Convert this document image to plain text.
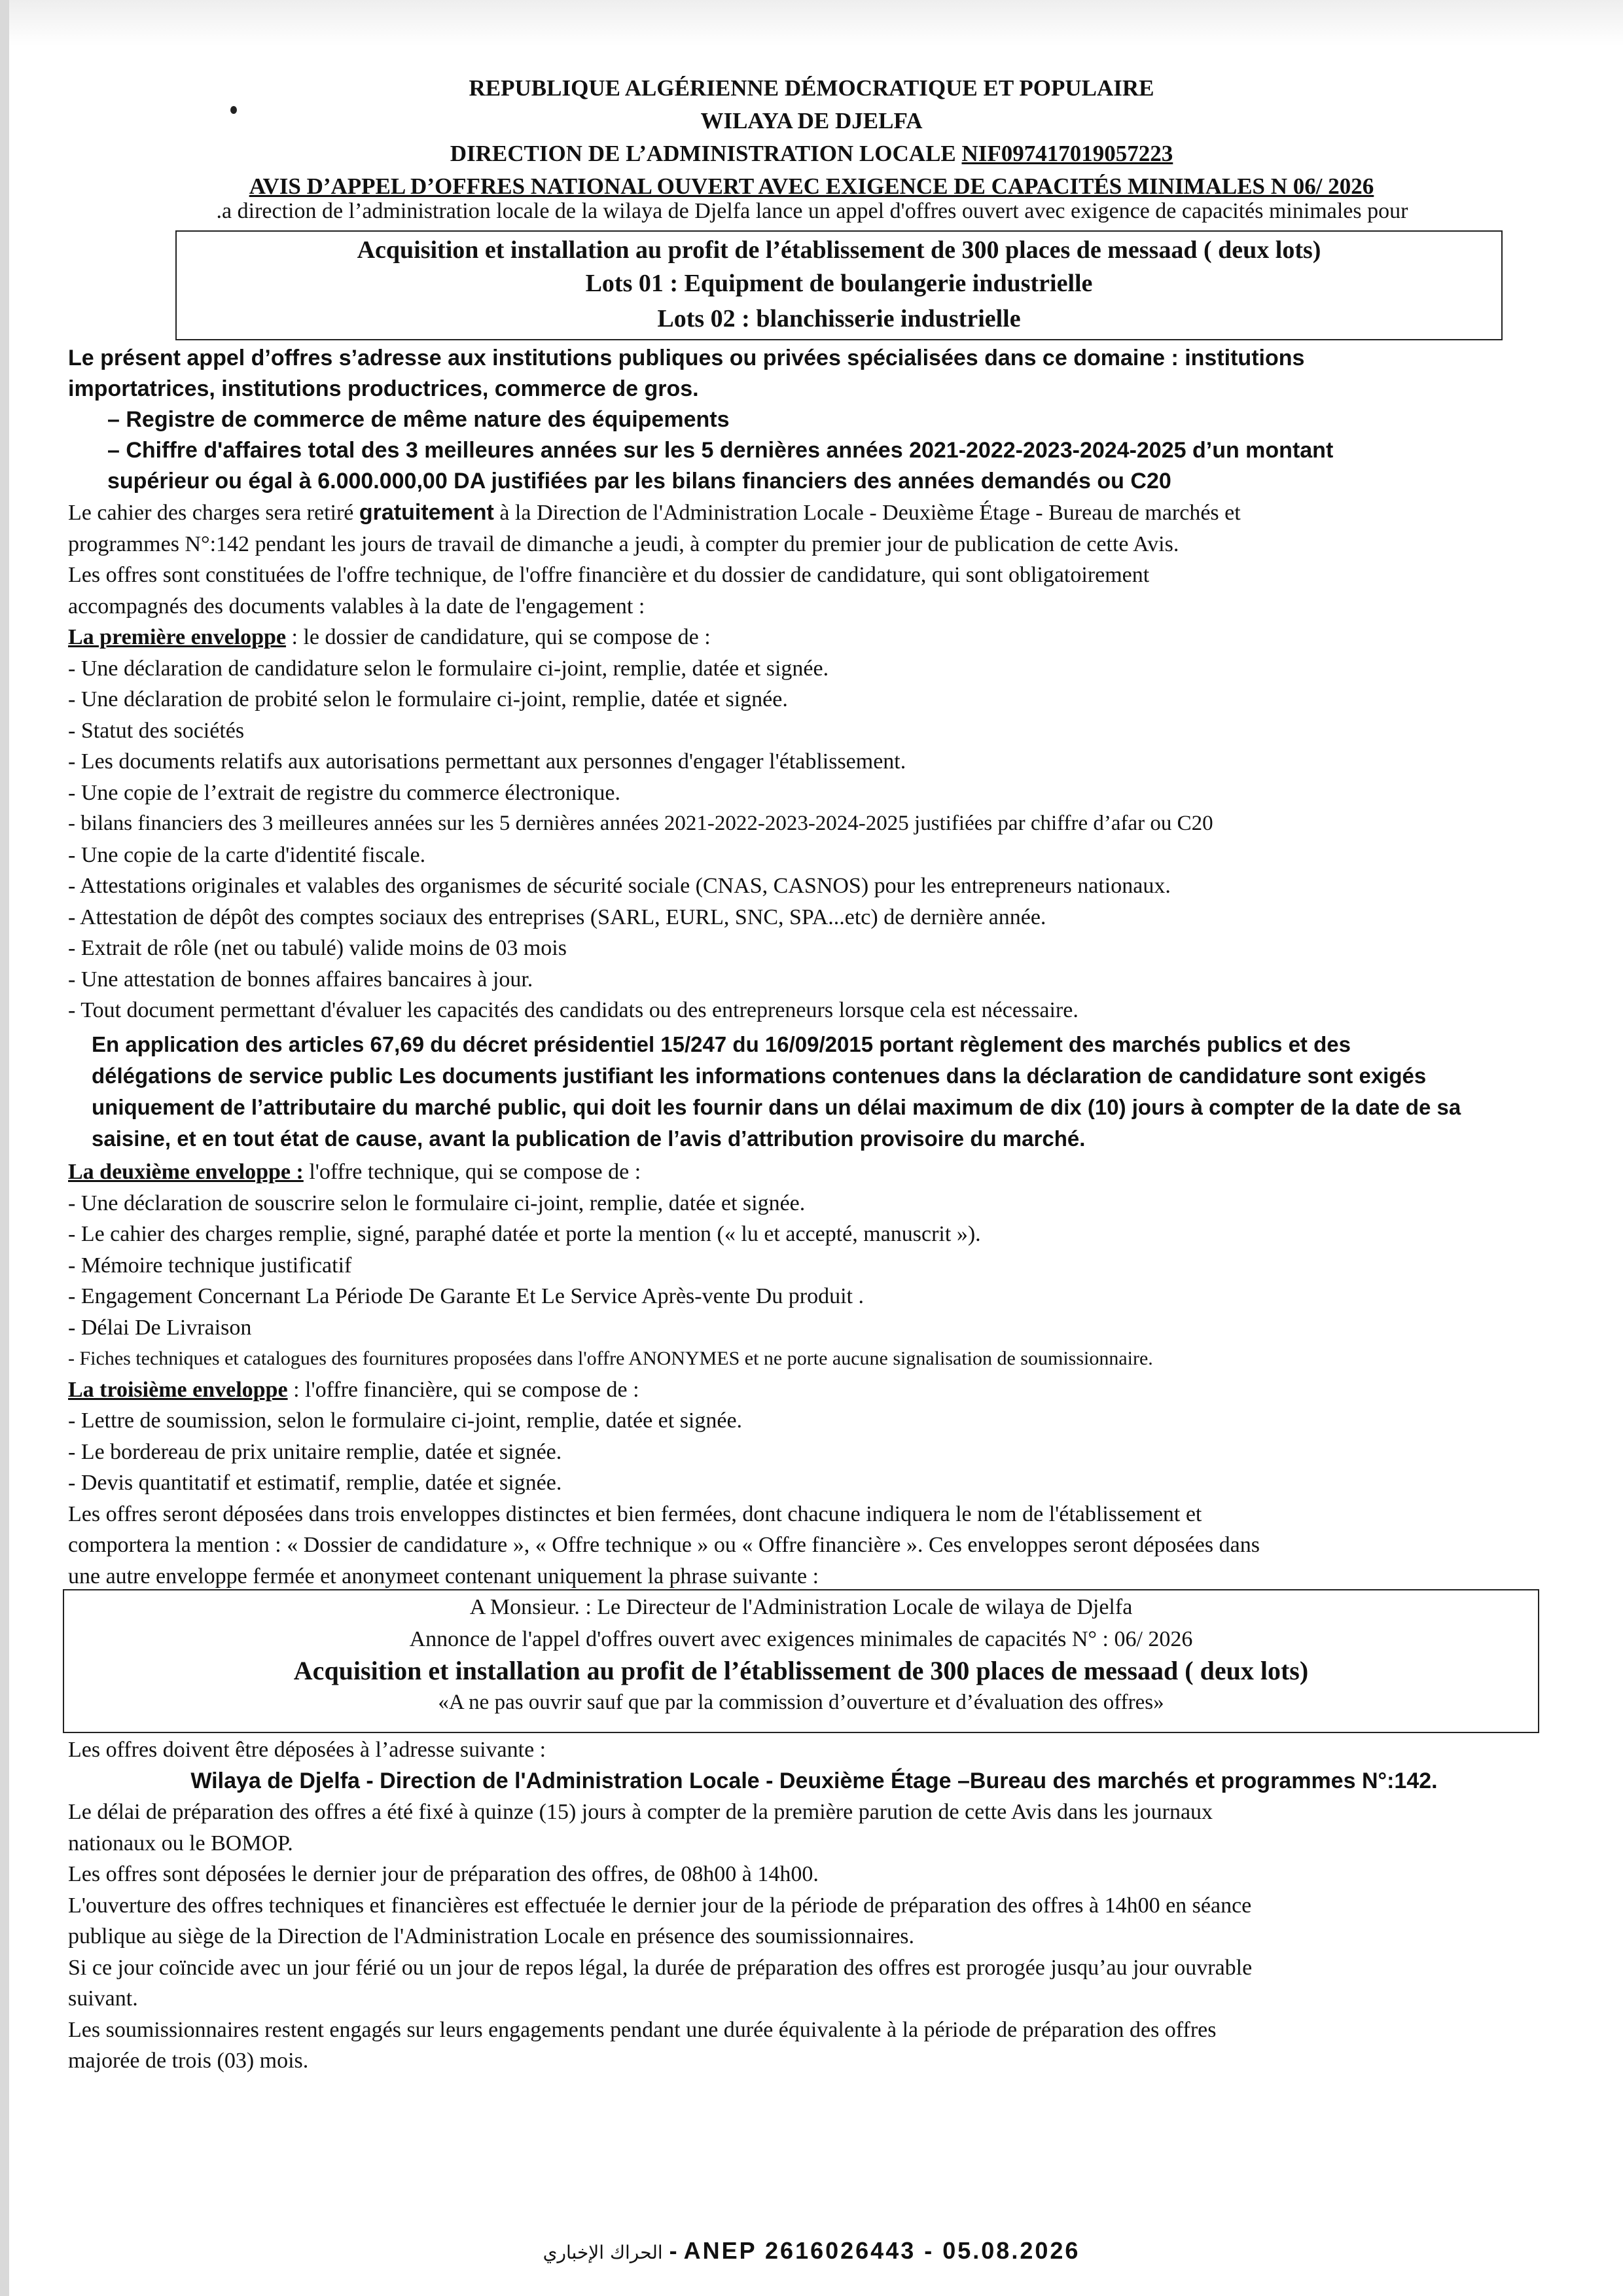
REPUBLIQUE ALGÉRIENNE DÉMOCRATIQUE ET POPULAIRE
WILAYA DE DJELFA
DIRECTION DE L’ADMINISTRATION LOCALE NIF097417019057223
AVIS D’APPEL D’OFFRES NATIONAL OUVERT AVEC EXIGENCE DE CAPACITÉS MINIMALES N 06/ 2026
.a direction de l’administration locale de la wilaya de Djelfa lance un appel d'offres ouvert avec exigence de capacités minimales pour
Acquisition et installation au profit de l’établissement de 300 places de messaad ( deux lots)
Lots 01 : Equipment de boulangerie industrielle
Lots 02 : blanchisserie industrielle
Le présent appel d’offres s’adresse aux institutions publiques ou privées spécialisées dans ce domaine : institutions
importatrices, institutions productrices, commerce de gros.
– Registre de commerce de même nature des équipements
– Chiffre d'affaires total des 3 meilleures années sur les 5 dernières années 2021-2022-2023-2024-2025 d’un montant
supérieur ou égal à 6.000.000,00 DA justifiées par les bilans financiers des années demandés ou C20
Le cahier des charges sera retiré gratuitement à la Direction de l'Administration Locale - Deuxième Étage - Bureau de marchés et
programmes N°:142 pendant les jours de travail de dimanche a jeudi, à compter du premier jour de publication de cette Avis.
Les offres sont constituées de l'offre technique, de l'offre financière et du dossier de candidature, qui sont obligatoirement
accompagnés des documents valables à la date de l'engagement :
La première enveloppe : le dossier de candidature, qui se compose de :
- Une déclaration de candidature selon le formulaire ci-joint, remplie, datée et signée.
- Une déclaration de probité selon le formulaire ci-joint, remplie, datée et signée.
- Statut des sociétés
- Les documents relatifs aux autorisations permettant aux personnes d'engager l'établissement.
- Une copie de l’extrait de registre du commerce électronique.
- bilans financiers des 3 meilleures années sur les 5 dernières années 2021-2022-2023-2024-2025 justifiées par chiffre d’afar ou C20
- Une copie de la carte d'identité fiscale.
- Attestations originales et valables des organismes de sécurité sociale (CNAS, CASNOS) pour les entrepreneurs nationaux.
- Attestation de dépôt des comptes sociaux des entreprises (SARL, EURL, SNC, SPA...etc) de dernière année.
- Extrait de rôle (net ou tabulé) valide moins de 03 mois
- Une attestation de bonnes affaires bancaires à jour.
- Tout document permettant d'évaluer les capacités des candidats ou des entrepreneurs lorsque cela est nécessaire.
En application des articles 67,69 du décret présidentiel 15/247 du 16/09/2015 portant règlement des marchés publics et des
délégations de service public Les documents justifiant les informations contenues dans la déclaration de candidature sont exigés
uniquement de l’attributaire du marché public, qui doit les fournir dans un délai maximum de dix (10) jours à compter de la date de sa
saisine, et en tout état de cause, avant la publication de l’avis d’attribution provisoire du marché.
La deuxième enveloppe : l'offre technique, qui se compose de :
- Une déclaration de souscrire selon le formulaire ci-joint, remplie, datée et signée.
- Le cahier des charges remplie, signé, paraphé datée et porte la mention (« lu et accepté, manuscrit »).
- Mémoire technique justificatif
- Engagement Concernant La Période De Garante Et Le Service Après-vente Du produit .
- Délai De Livraison
- Fiches techniques et catalogues des fournitures proposées dans l'offre ANONYMES et ne porte aucune signalisation de soumissionnaire.
La troisième enveloppe : l'offre financière, qui se compose de :
- Lettre de soumission, selon le formulaire ci-joint, remplie, datée et signée.
- Le bordereau de prix unitaire remplie, datée et signée.
- Devis quantitatif et estimatif, remplie, datée et signée.
Les offres seront déposées dans trois enveloppes distinctes et bien fermées, dont chacune indiquera le nom de l'établissement et
comportera la mention : « Dossier de candidature », « Offre technique » ou « Offre financière ». Ces enveloppes seront déposées dans
une autre enveloppe fermée et anonymeet contenant uniquement la phrase suivante :
A Monsieur. : Le Directeur de l'Administration Locale de wilaya de Djelfa
Annonce de l'appel d'offres ouvert avec exigences minimales de capacités N° : 06/ 2026
Acquisition et installation au profit de l’établissement de 300 places de messaad ( deux lots)
«A ne pas ouvrir sauf que par la commission d’ouverture et d’évaluation des offres»
Les offres doivent être déposées à l’adresse suivante :
Wilaya de Djelfa - Direction de l'Administration Locale - Deuxième Étage –Bureau des marchés et programmes N°:142.
Le délai de préparation des offres a été fixé à quinze (15) jours à compter de la première parution de cette Avis dans les journaux
nationaux ou le BOMOP.
Les offres sont déposées le dernier jour de préparation des offres, de 08h00 à 14h00.
L'ouverture des offres techniques et financières est effectuée le dernier jour de la période de préparation des offres à 14h00 en séance
publique au siège de la Direction de l'Administration Locale en présence des soumissionnaires.
Si ce jour coïncide avec un jour férié ou un jour de repos légal, la durée de préparation des offres est prorogée jusqu’au jour ouvrable
suivant.
Les soumissionnaires restent engagés sur leurs engagements pendant une durée équivalente à la période de préparation des offres
majorée de trois (03) mois.
الحراك الإخباري - ANEP 2616026443 - 05.08.2026
